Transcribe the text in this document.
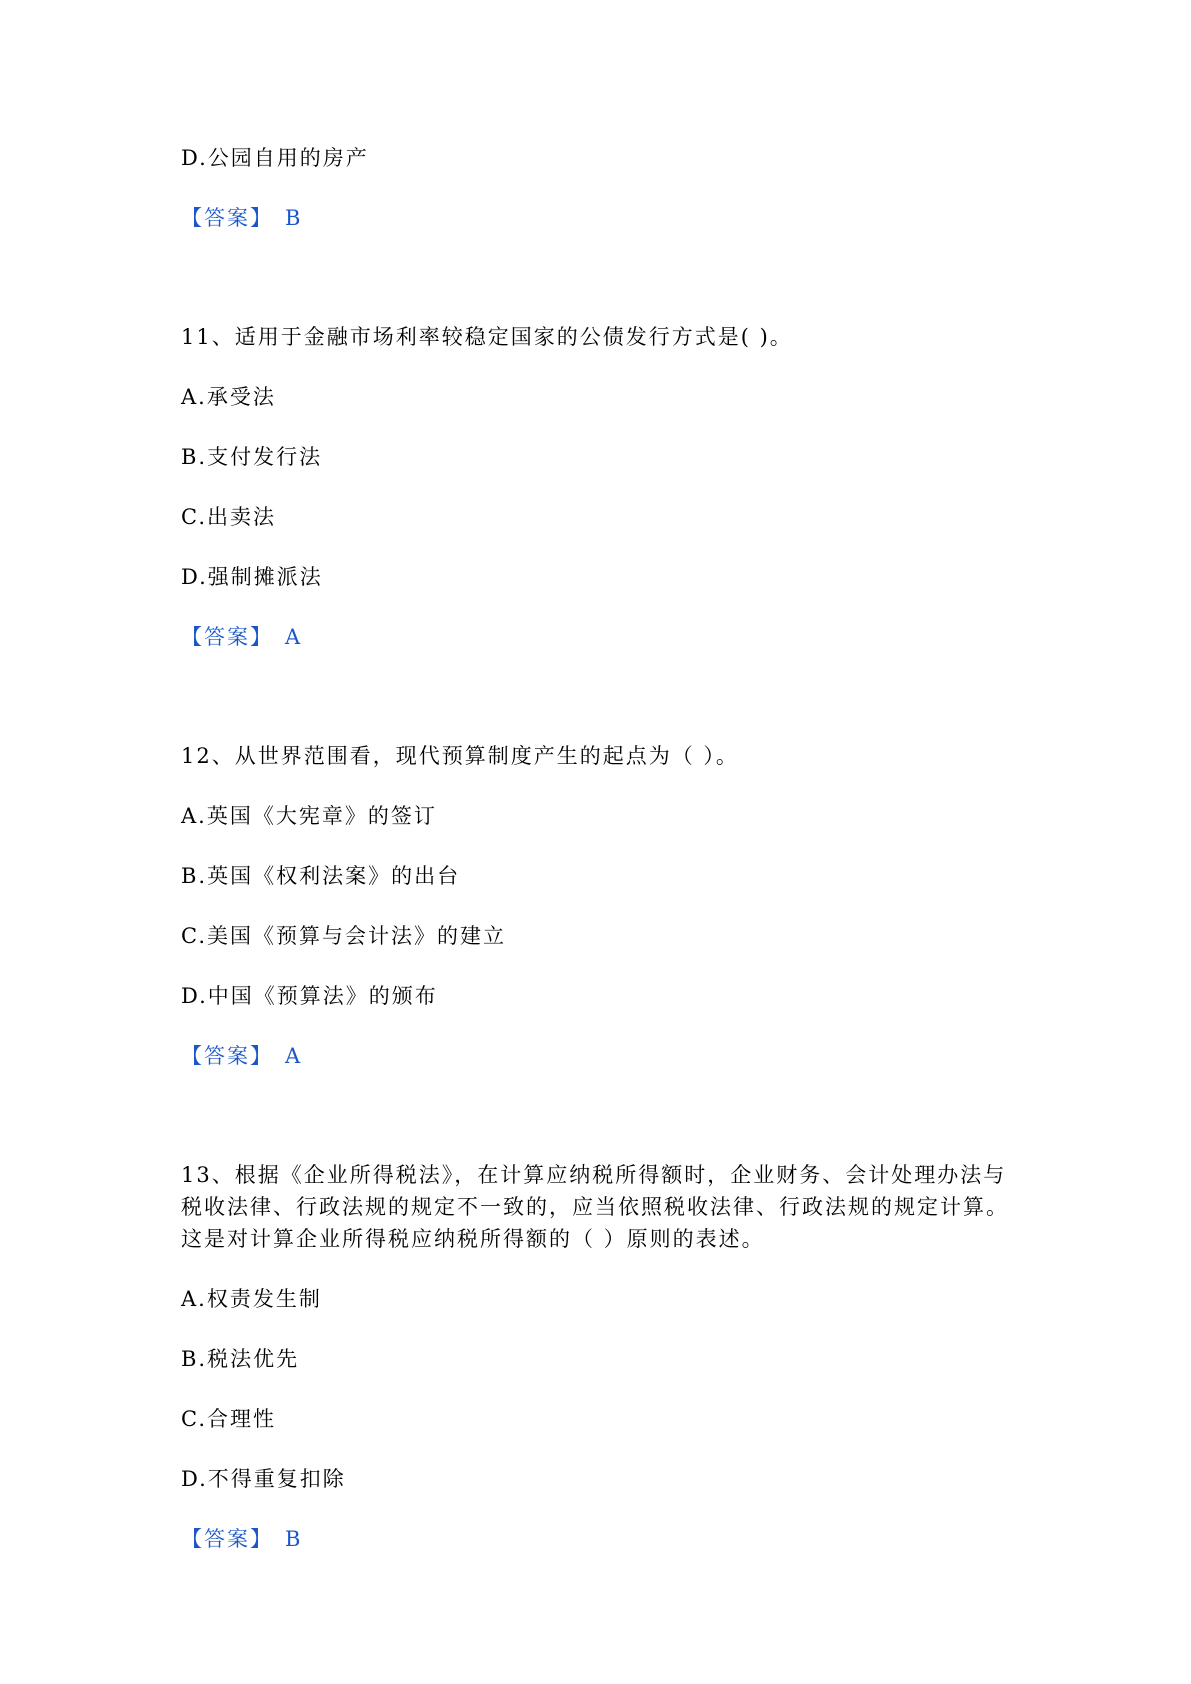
D.公园自用的房产
【答案】 B
11、适用于金融市场利率较稳定国家的公债发行方式是( )。
A.承受法
B.支付发行法
C.出卖法
D.强制摊派法
【答案】 A
12、从世界范围看，现代预算制度产生的起点为（ ）。
A.英国《大宪章》的签订
B.英国《权利法案》的出台
C.美国《预算与会计法》的建立
D.中国《预算法》的颁布
【答案】 A
13、根据《企业所得税法》，在计算应纳税所得额时，企业财务、会计处理办法与税收法律、行政法规的规定不一致的，应当依照税收法律、行政法规的规定计算。这是对计算企业所得税应纳税所得额的（ ）原则的表述。
A.权责发生制
B.税法优先
C.合理性
D.不得重复扣除
【答案】 B
